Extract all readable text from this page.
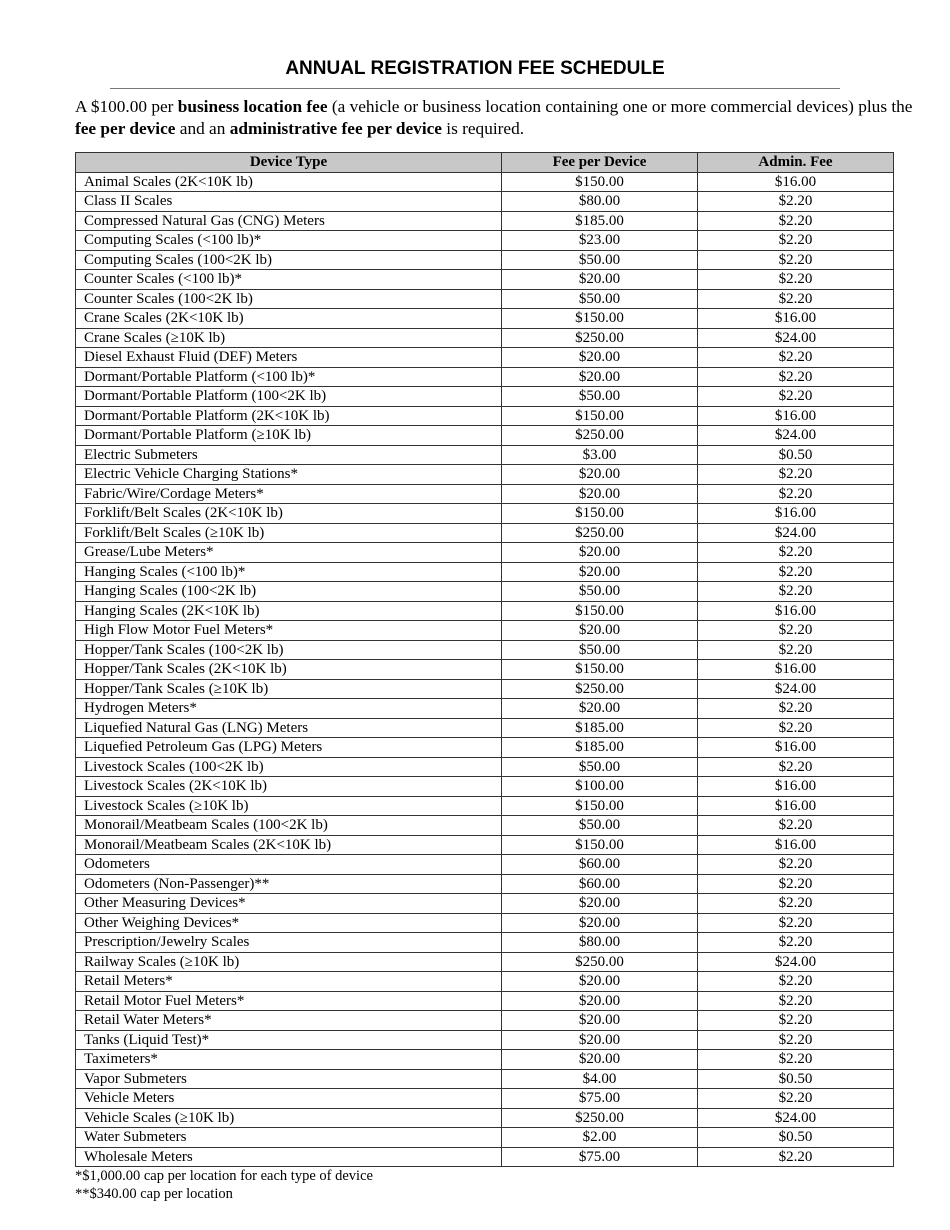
ANNUAL REGISTRATION FEE SCHEDULE
A $100.00 per business location fee (a vehicle or business location containing one or more commercial devices) plus the fee per device and an administrative fee per device is required.
Device Type	Fee per Device	Admin. Fee
Animal Scales (2K<10K lb)	$150.00	$16.00
Class II Scales	$80.00	$2.20
Compressed Natural Gas (CNG) Meters	$185.00	$2.20
Computing Scales (<100 lb)*	$23.00	$2.20
Computing Scales (100<2K lb)	$50.00	$2.20
Counter Scales (<100 lb)*	$20.00	$2.20
Counter Scales (100<2K lb)	$50.00	$2.20
Crane Scales (2K<10K lb)	$150.00	$16.00
Crane Scales (≥10K lb)	$250.00	$24.00
Diesel Exhaust Fluid (DEF) Meters	$20.00	$2.20
Dormant/Portable Platform (<100 lb)*	$20.00	$2.20
Dormant/Portable Platform (100<2K lb)	$50.00	$2.20
Dormant/Portable Platform (2K<10K lb)	$150.00	$16.00
Dormant/Portable Platform (≥10K lb)	$250.00	$24.00
Electric Submeters	$3.00	$0.50
Electric Vehicle Charging Stations*	$20.00	$2.20
Fabric/Wire/Cordage Meters*	$20.00	$2.20
Forklift/Belt Scales (2K<10K lb)	$150.00	$16.00
Forklift/Belt Scales (≥10K lb)	$250.00	$24.00
Grease/Lube Meters*	$20.00	$2.20
Hanging Scales (<100 lb)*	$20.00	$2.20
Hanging Scales (100<2K lb)	$50.00	$2.20
Hanging Scales (2K<10K lb)	$150.00	$16.00
High Flow Motor Fuel Meters*	$20.00	$2.20
Hopper/Tank Scales (100<2K lb)	$50.00	$2.20
Hopper/Tank Scales (2K<10K lb)	$150.00	$16.00
Hopper/Tank Scales (≥10K lb)	$250.00	$24.00
Hydrogen Meters*	$20.00	$2.20
Liquefied Natural Gas (LNG) Meters	$185.00	$2.20
Liquefied Petroleum Gas (LPG) Meters	$185.00	$16.00
Livestock Scales (100<2K lb)	$50.00	$2.20
Livestock Scales (2K<10K lb)	$100.00	$16.00
Livestock Scales (≥10K lb)	$150.00	$16.00
Monorail/Meatbeam Scales (100<2K lb)	$50.00	$2.20
Monorail/Meatbeam Scales (2K<10K lb)	$150.00	$16.00
Odometers	$60.00	$2.20
Odometers (Non-Passenger)**	$60.00	$2.20
Other Measuring Devices*	$20.00	$2.20
Other Weighing Devices*	$20.00	$2.20
Prescription/Jewelry Scales	$80.00	$2.20
Railway Scales (≥10K lb)	$250.00	$24.00
Retail Meters*	$20.00	$2.20
Retail Motor Fuel Meters*	$20.00	$2.20
Retail Water Meters*	$20.00	$2.20
Tanks (Liquid Test)*	$20.00	$2.20
Taximeters*	$20.00	$2.20
Vapor Submeters	$4.00	$0.50
Vehicle Meters	$75.00	$2.20
Vehicle Scales (≥10K lb)	$250.00	$24.00
Water Submeters	$2.00	$0.50
Wholesale Meters	$75.00	$2.20
*$1,000.00 cap per location for each type of device
**$340.00 cap per location
